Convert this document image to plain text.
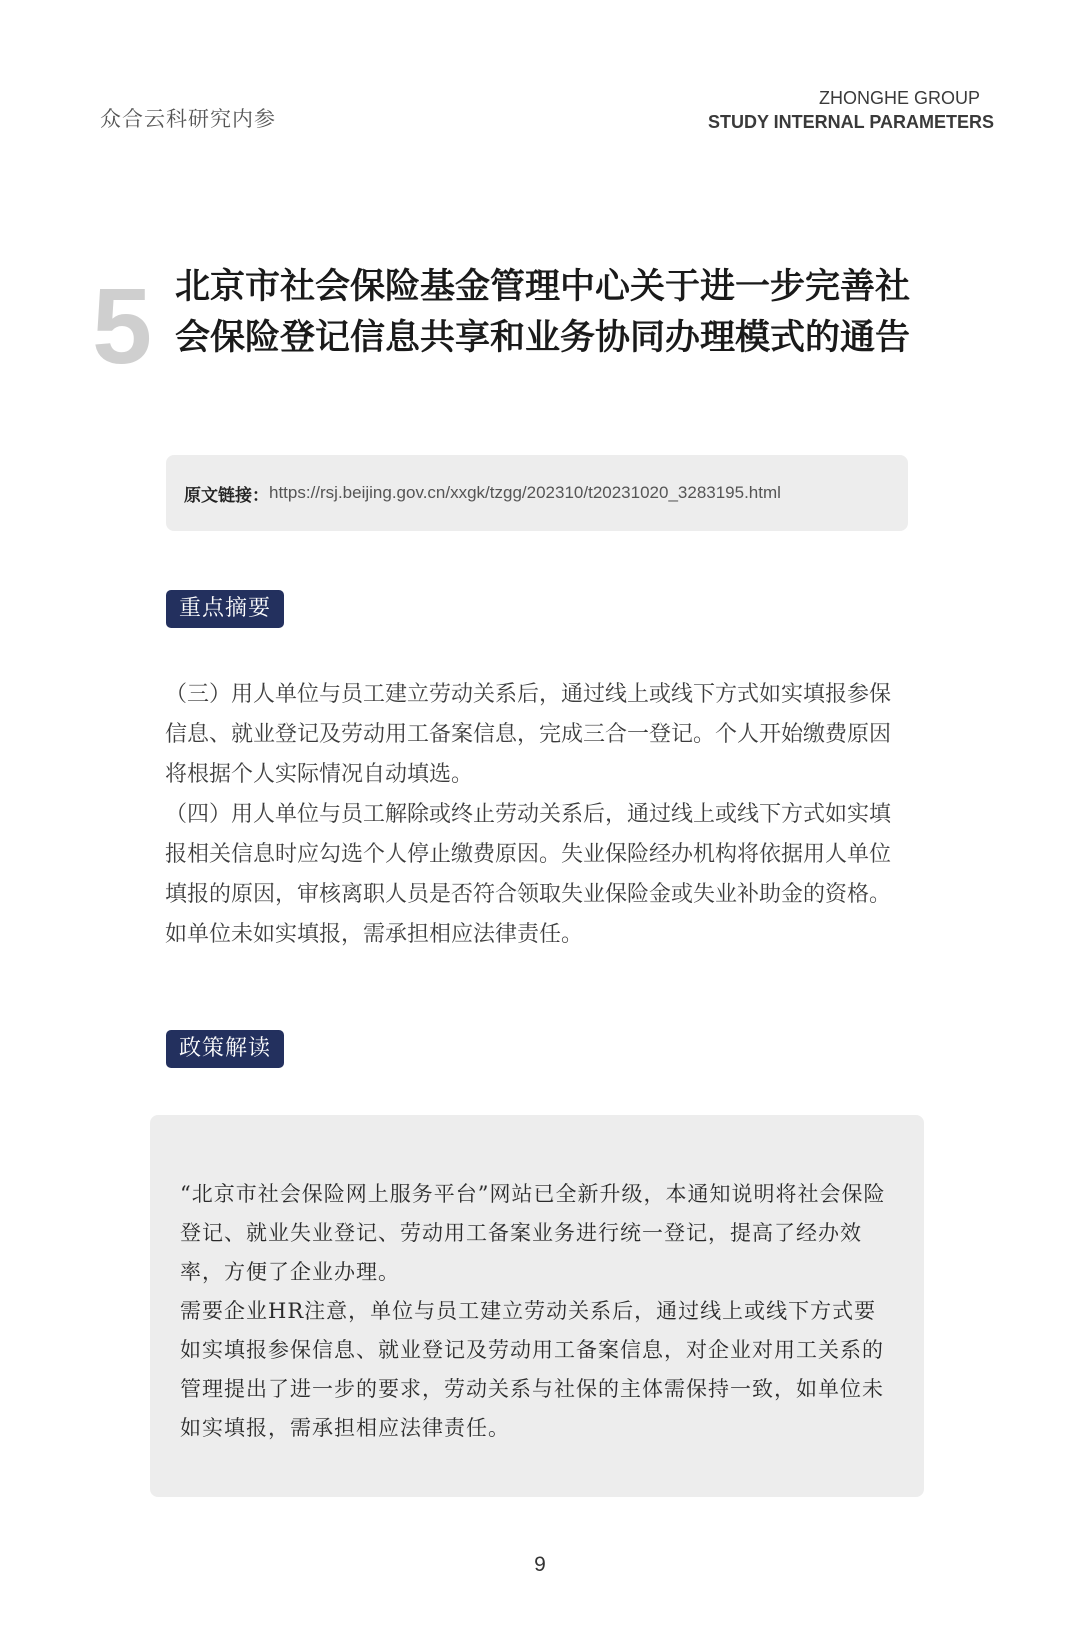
众合云科研究内参
ZHONGHE GROUP
STUDY INTERNAL PARAMETERS
5 北京市社会保险基金管理中心关于进一步完善社会保险登记信息共享和业务协同办理模式的通告
原文链接： https://rsj.beijing.gov.cn/xxgk/tzgg/202310/t20231020_3283195.html
重点摘要

（三）用人单位与员工建立劳动关系后，通过线上或线下方式如实填报参保信息、就业登记及劳动用工备案信息，完成三合一登记。个人开始缴费原因将根据个人实际情况自动填选。

（四）用人单位与员工解除或终止劳动关系后，通过线上或线下方式如实填报相关信息时应勾选个人停止缴费原因。失业保险经办机构将依据用人单位填报的原因，审核离职人员是否符合领取失业保险金或失业补助金的资格。如单位未如实填报，需承担相应法律责任。

政策解读

“北京市社会保险网上服务平台”网站已全新升级，本通知说明将社会保险登记、就业失业登记、劳动用工备案业务进行统一登记，提高了经办效率，方便了企业办理。

需要企业HR注意，单位与员工建立劳动关系后，通过线上或线下方式要如实填报参保信息、就业登记及劳动用工备案信息，对企业对用工关系的管理提出了进一步的要求，劳动关系与社保的主体需保持一致，如单位未如实填报，需承担相应法律责任。

9
